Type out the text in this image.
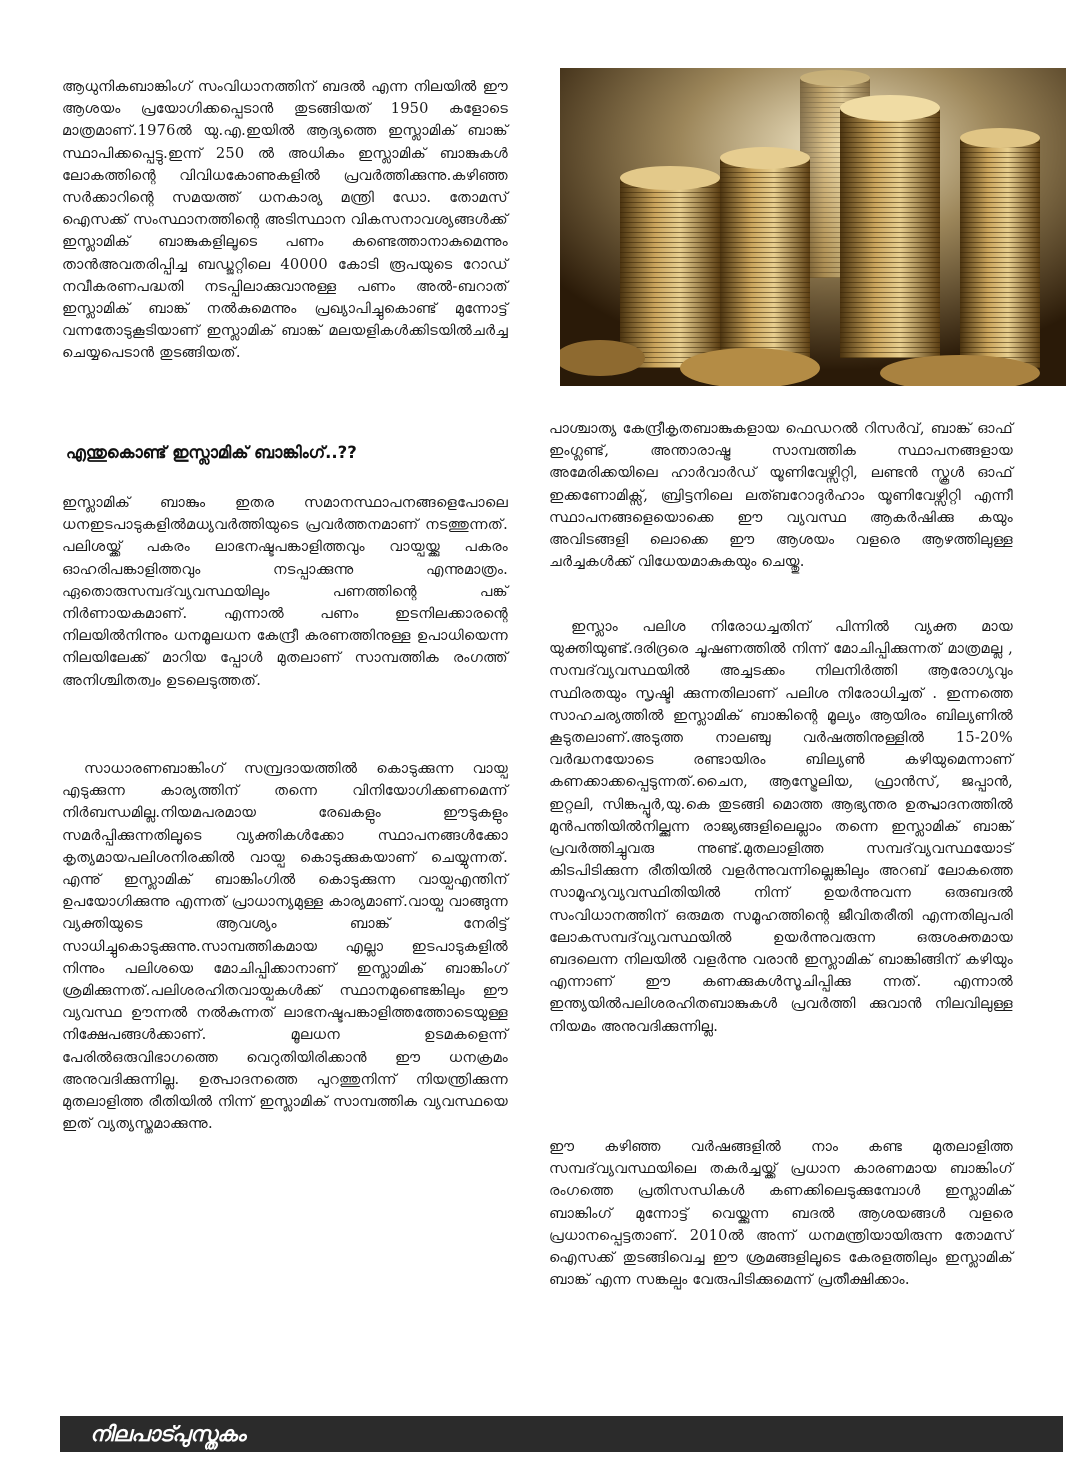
ആധുനികബാങ്കിംഗ് സംവിധാനത്തിന് ബദല്‍ എന്ന നിലയില്‍ ഈ ആശയം പ്രയോഗിക്കപ്പെടാന്‍ തുടങ്ങിയത് 1950 കളോടെ മാത്രമാണ്.1976ല്‍ യു.എ.ഇയില്‍ ആദ്യത്തെ ഇസ്ലാമിക് ബാങ്ക് സ്ഥാപിക്കപ്പെട്ടു.ഇന്ന് 250 ല്‍ അധികം ഇസ്ലാമിക് ബാങ്കുകള്‍ ലോകത്തിന്റെ വിവിധകോണുകളില്‍ പ്രവര്‍ത്തിക്കുന്നു.കഴിഞ്ഞ സര്‍ക്കാറിന്റെ സമയത്ത് ധനകാര്യ മന്ത്രി ഡോ. തോമസ് ഐസക്ക് സംസ്ഥാനത്തിന്റെ അടിസ്ഥാന വികസനാവശ്യങ്ങള്‍ക്ക് ഇസ്ലാമിക് ബാങ്കുകളിലൂടെ പണം കണ്ടെത്താനാകുമെന്നും താന്‍അവതരിപ്പിച്ച ബഡ്ജറ്റിലെ 40000 കോടി രൂപയുടെ റോഡ് നവീകരണപദ്ധതി നടപ്പിലാക്കുവാനുള്ള പണം അല്‍-ബറാത് ഇസ്ലാമിക് ബാങ്ക് നല്‍കുമെന്നും പ്രഖ്യാപിച്ചുകൊണ്ട് മുന്നോട്ട് വന്നതോടുകൂടിയാണ് ഇസ്ലാമിക് ബാങ്ക് മലയളികള്‍ക്കിടയില്‍ചര്‍ച്ച ചെയ്യപെടാന്‍ തുടങ്ങിയത്.

എന്തുകൊണ്ട് ഇസ്ലാമിക് ബാങ്കിംഗ്..??

ഇസ്ലാമിക് ബാങ്കും ഇതര സമാനസ്ഥാപനങ്ങളെപോലെ ധനഇടപാടുകളില്‍മധ്യവര്‍ത്തിയുടെ പ്രവര്‍ത്തനമാണ് നടത്തുന്നത്. പലിശയ്ക്ക് പകരം ലാഭനഷ്ടപങ്കാളിത്തവും വായ്പയ്ക്കു പകരം ഓഹരിപങ്കാളിത്തവും നടപ്പാക്കുന്നു എന്നുമാത്രം. ഏതൊരുസമ്പദ്‌വ്യവസ്ഥയിലും പണത്തിന്റെ പങ്ക് നിര്‍ണായകമാണ്. എന്നാല്‍ പണം ഇടനിലക്കാരന്റെ നിലയില്‍നിന്നും ധനമൂലധന കേന്ദ്രീ കരണത്തിനുള്ള ഉപാധിയെന്ന നിലയിലേക്ക് മാറിയ പ്പോള്‍ മുതലാണ് സാമ്പത്തിക രംഗത്ത് അനിശ്ചിതത്വം ഉടലെടുത്തത്.

സാധാരണബാങ്കിംഗ് സമ്പ്രദായത്തില്‍ കൊടുക്കുന്ന വായ്പ എടുക്കുന്ന കാര്യത്തിന് തന്നെ വിനിയോഗിക്കണമെന്ന് നിര്‍ബന്ധമില്ല.നിയമപരമായ രേഖകളും ഈടുകളും സമര്‍പ്പിക്കുന്നതിലൂടെ വ്യക്തികള്‍ക്കോ സ്ഥാപനങ്ങള്‍ക്കോ കൃത്യമായപലിശനിരക്കില്‍ വായ്പ കൊടുക്കുകയാണ് ചെയ്യുന്നത്. എന്നു് ഇസ്ലാമിക് ബാങ്കിംഗില്‍ കൊടുക്കുന്ന വായ്പഎന്തിന് ഉപയോഗിക്കുന്നു എന്നത് പ്രാധാന്യമുള്ള കാര്യമാണ്.വായ്പ വാങ്ങുന്ന വ്യക്തിയുടെ ആവശ്യം ബാങ്ക് നേരിട്ട് സാധിച്ചുകൊടുക്കുന്നു.സാമ്പത്തികമായ എല്ലാ ഇടപാടുകളില്‍ നിന്നും പലിശയെ മോചിപ്പിക്കാനാണ് ഇസ്ലാമിക് ബാങ്കിംഗ് ശ്രമിക്കുന്നത്.പലിശരഹിതവായ്പകള്‍ക്ക് സ്ഥാനമുണ്ടെങ്കിലും ഈ വ്യവസ്ഥ ഊന്നല്‍ നല്‍കുന്നത് ലാഭനഷ്ടപങ്കാളിത്തത്തോടെയുള്ള നിക്ഷേപങ്ങള്‍ക്കാണ്. മൂലധന ഉടമകളെന്ന് പേരില്‍ഒരുവിഭാഗത്തെ വെറുതിയിരിക്കാന്‍ ഈ ധനക്രമം അനുവദിക്കുന്നില്ല. ഉത്പാദനത്തെ പുറത്തുനിന്ന് നിയന്ത്രിക്കുന്ന മുതലാളിത്ത രീതിയില്‍ നിന്ന് ഇസ്ലാമിക് സാമ്പത്തിക വ്യവസ്ഥയെ ഇത് വ്യത്യസ്തമാക്കുന്നു.

പാശ്ചാത്യ കേന്ദ്രീകൃതബാങ്കുകളായ ഫെഡറല്‍ റിസര്‍വ്, ബാങ്ക് ഓഫ് ഇംഗ്ലണ്ട്, അന്താരാഷ്ട്ര സാമ്പത്തിക സ്ഥാപനങ്ങളായ അമേരിക്കയിലെ ഹാര്‍വാര്‍ഡ് യൂണിവേഴ്സിറ്റി, ലണ്ടന്‍ സ്കൂള്‍ ഓഫ് ഇക്കണോമിക്സ്, ബ്രിട്ടനിലെ ലത്ബറോദുര്‍ഹാം യൂണിവേഴ്സിറ്റി എന്നീ സ്ഥാപനങ്ങളെയൊക്കെ ഈ വ്യവസ്ഥ ആകര്‍ഷിക്കു കയും അവിടങ്ങളി ലൊക്കെ ഈ ആശയം വളരെ ആഴത്തിലുള്ള ചര്‍ച്ചകള്‍ക്ക് വിധേയമാകുകയും ചെയ്തു.

ഇസ്ലാം പലിശ നിരോധച്ചതിന് പിന്നില്‍ വ്യക്ത മായ യുക്തിയുണ്ട്.ദരിദ്രരെ ചൂഷണത്തില്‍ നിന്ന് മോചിപ്പിക്കുന്നത് മാത്രമല്ല , സമ്പദ്‌വ്യവസ്ഥയില്‍ അച്ചടക്കം നിലനിര്‍ത്തി ആരോഗ്യവും സ്ഥിരതയും സൃഷ്ടി ക്കുന്നതിലാണ് പലിശ നിരോധിച്ചത് . ഇന്നത്തെ സാഹചര്യത്തില്‍ ഇസ്ലാമിക് ബാങ്കിന്റെ മൂല്യം ആയിരം ബില്യണില്‍ കൂടുതലാണ്.അടുത്ത നാലഞ്ചു വര്‍ഷത്തിനുള്ളില്‍ 15-20% വര്‍ദ്ധനയോടെ രണ്ടായിരം ബില്യണ്‍ കഴിയുമെന്നാണ് കണക്കാക്കപ്പെടുന്നത്.ചൈന, ആസ്ട്രേലിയ, ഫ്രാന്‍സ്, ജപ്പാന്‍, ഇറ്റലി, സിങ്കപ്പൂര്‍,യു.കെ തുടങ്ങി മൊത്ത ആഭ്യന്തര ഉത്പ്പാദനത്തില്‍ മുന്‍പന്തിയില്‍നില്ക്കുന്ന രാജ്യങ്ങളിലെല്ലാം തന്നെ ഇസ്ലാമിക് ബാങ്ക് പ്രവര്‍ത്തിച്ചുവരു ന്നുണ്ട്.മുതലാളിത്ത സമ്പദ്‌വ്യവസ്ഥയോട് കിടപിടിക്കുന്ന രീതിയില്‍ വളര്‍ന്നുവന്നില്ലെങ്കിലും അറബ് ലോകത്തെ സാമൂഹ്യവ്യവസ്ഥിതിയില്‍ നിന്ന് ഉയര്‍ന്നുവന്ന ഒരുബദല്‍ സംവിധാനത്തിന് ഒരുമത സമൂഹത്തിന്റെ ജീവിതരീതി എന്നതിലുപരി ലോകസമ്പദ്‌വ്യവസ്ഥയില്‍ ഉയര്‍ന്നുവരുന്ന ഒരുശക്തമായ ബദലെന്ന നിലയില്‍ വളര്‍ന്നു വരാന്‍ ഇസ്ലാമിക് ബാങ്കിങ്ങിന് കഴിയും എന്നാണ് ഈ കണക്കുകള്‍സൂചിപ്പിക്കു ന്നത്. എന്നാല്‍ ഇന്ത്യയില്‍പലിശരഹിതബാങ്കുകള്‍ പ്രവര്‍ത്തി ക്കുവാന്‍ നിലവിലുള്ള നിയമം അനുവദിക്കുന്നില്ല.

ഈ കഴിഞ്ഞ വര്‍ഷങ്ങളില്‍ നാം കണ്ട മുതലാളിത്ത സമ്പദ്‌വ്യവസ്ഥയിലെ തകര്‍ച്ചയ്ക്ക് പ്രധാന കാരണമായ ബാങ്കിംഗ് രംഗത്തെ പ്രതിസന്ധികള്‍ കണക്കിലെടുക്കുമ്പോള്‍ ഇസ്ലാമിക് ബാങ്കിംഗ് മുന്നോട്ട് വെയ്ക്കുന്ന ബദല്‍ ആശയങ്ങള്‍ വളരെ പ്രധാനപ്പെട്ടതാണ്. 2010ല്‍ അന്ന് ധനമന്ത്രിയായിരുന്ന തോമസ് ഐസക്ക് തുടങ്ങിവെച്ച ഈ ശ്രമങ്ങളിലൂടെ കേരളത്തിലും ഇസ്ലാമിക് ബാങ്ക് എന്ന സങ്കല്പം വേരുപിടിക്കുമെന്ന് പ്രതീക്ഷിക്കാം.

നിലപാട്പുസ്തകം
